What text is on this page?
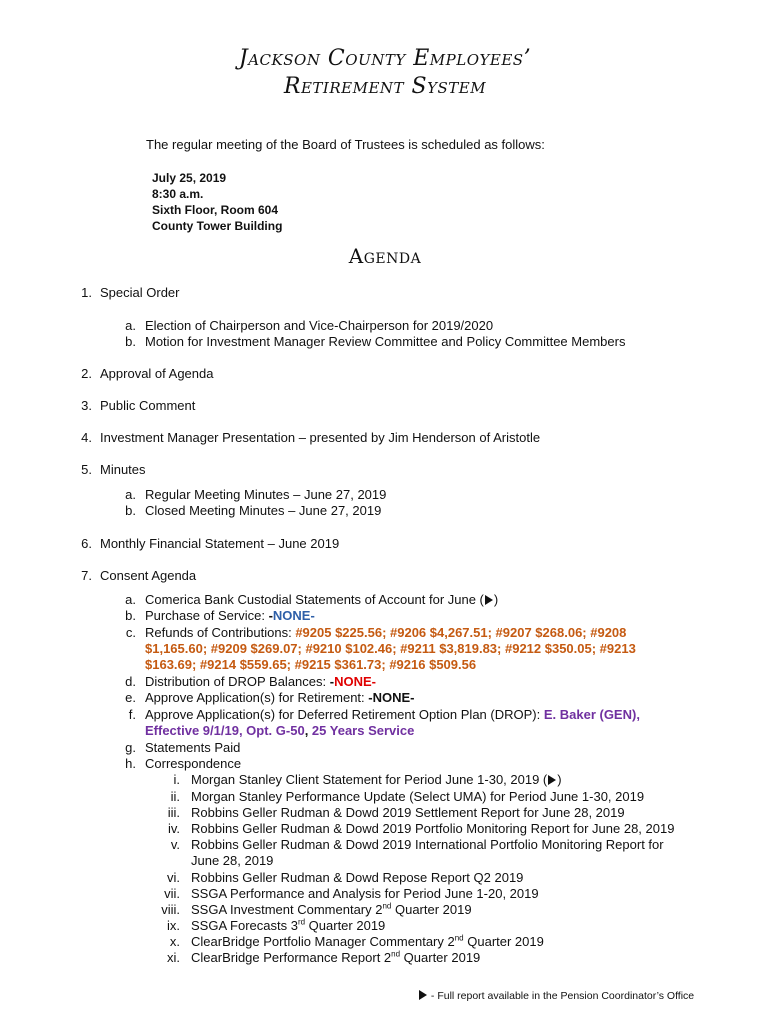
Jackson County Employees’
Retirement System
The regular meeting of the Board of Trustees is scheduled as follows:
July 25, 2019
8:30 a.m.
Sixth Floor, Room 604
County Tower Building
Agenda
1. Special Order
a. Election of Chairperson and Vice-Chairperson for 2019/2020
b. Motion for Investment Manager Review Committee and Policy Committee Members
2. Approval of Agenda
3. Public Comment
4. Investment Manager Presentation – presented by Jim Henderson of Aristotle
5. Minutes
a. Regular Meeting Minutes – June 27, 2019
b. Closed Meeting Minutes – June 27, 2019
6. Monthly Financial Statement – June 2019
7. Consent Agenda
a. Comerica Bank Custodial Statements of Account for June ( )
b. Purchase of Service: -NONE-
c. Refunds of Contributions: #9205 $225.56; #9206 $4,267.51; #9207 $268.06; #9208
$1,165.60; #9209 $269.07; #9210 $102.46; #9211 $3,819.83; #9212 $350.05; #9213
$163.69; #9214 $559.65; #9215 $361.73; #9216 $509.56
d. Distribution of DROP Balances: -NONE-
e. Approve Application(s) for Retirement: -NONE-
f. Approve Application(s) for Deferred Retirement Option Plan (DROP): E. Baker (GEN),
Effective 9/1/19, Opt. G-50, 25 Years Service
g. Statements Paid
h. Correspondence
i. Morgan Stanley Client Statement for Period June 1-30, 2019 ( )
ii. Morgan Stanley Performance Update (Select UMA) for Period June 1-30, 2019
iii. Robbins Geller Rudman & Dowd 2019 Settlement Report for June 28, 2019
iv. Robbins Geller Rudman & Dowd 2019 Portfolio Monitoring Report for June 28, 2019
v. Robbins Geller Rudman & Dowd 2019 International Portfolio Monitoring Report for
June 28, 2019
vi. Robbins Geller Rudman & Dowd Repose Report Q2 2019
vii. SSGA Performance and Analysis for Period June 1-20, 2019
viii. SSGA Investment Commentary 2nd Quarter 2019
ix. SSGA Forecasts 3rd Quarter 2019
x. ClearBridge Portfolio Manager Commentary 2nd Quarter 2019
xi. ClearBridge Performance Report 2nd Quarter 2019
- Full report available in the Pension Coordinator’s Office
